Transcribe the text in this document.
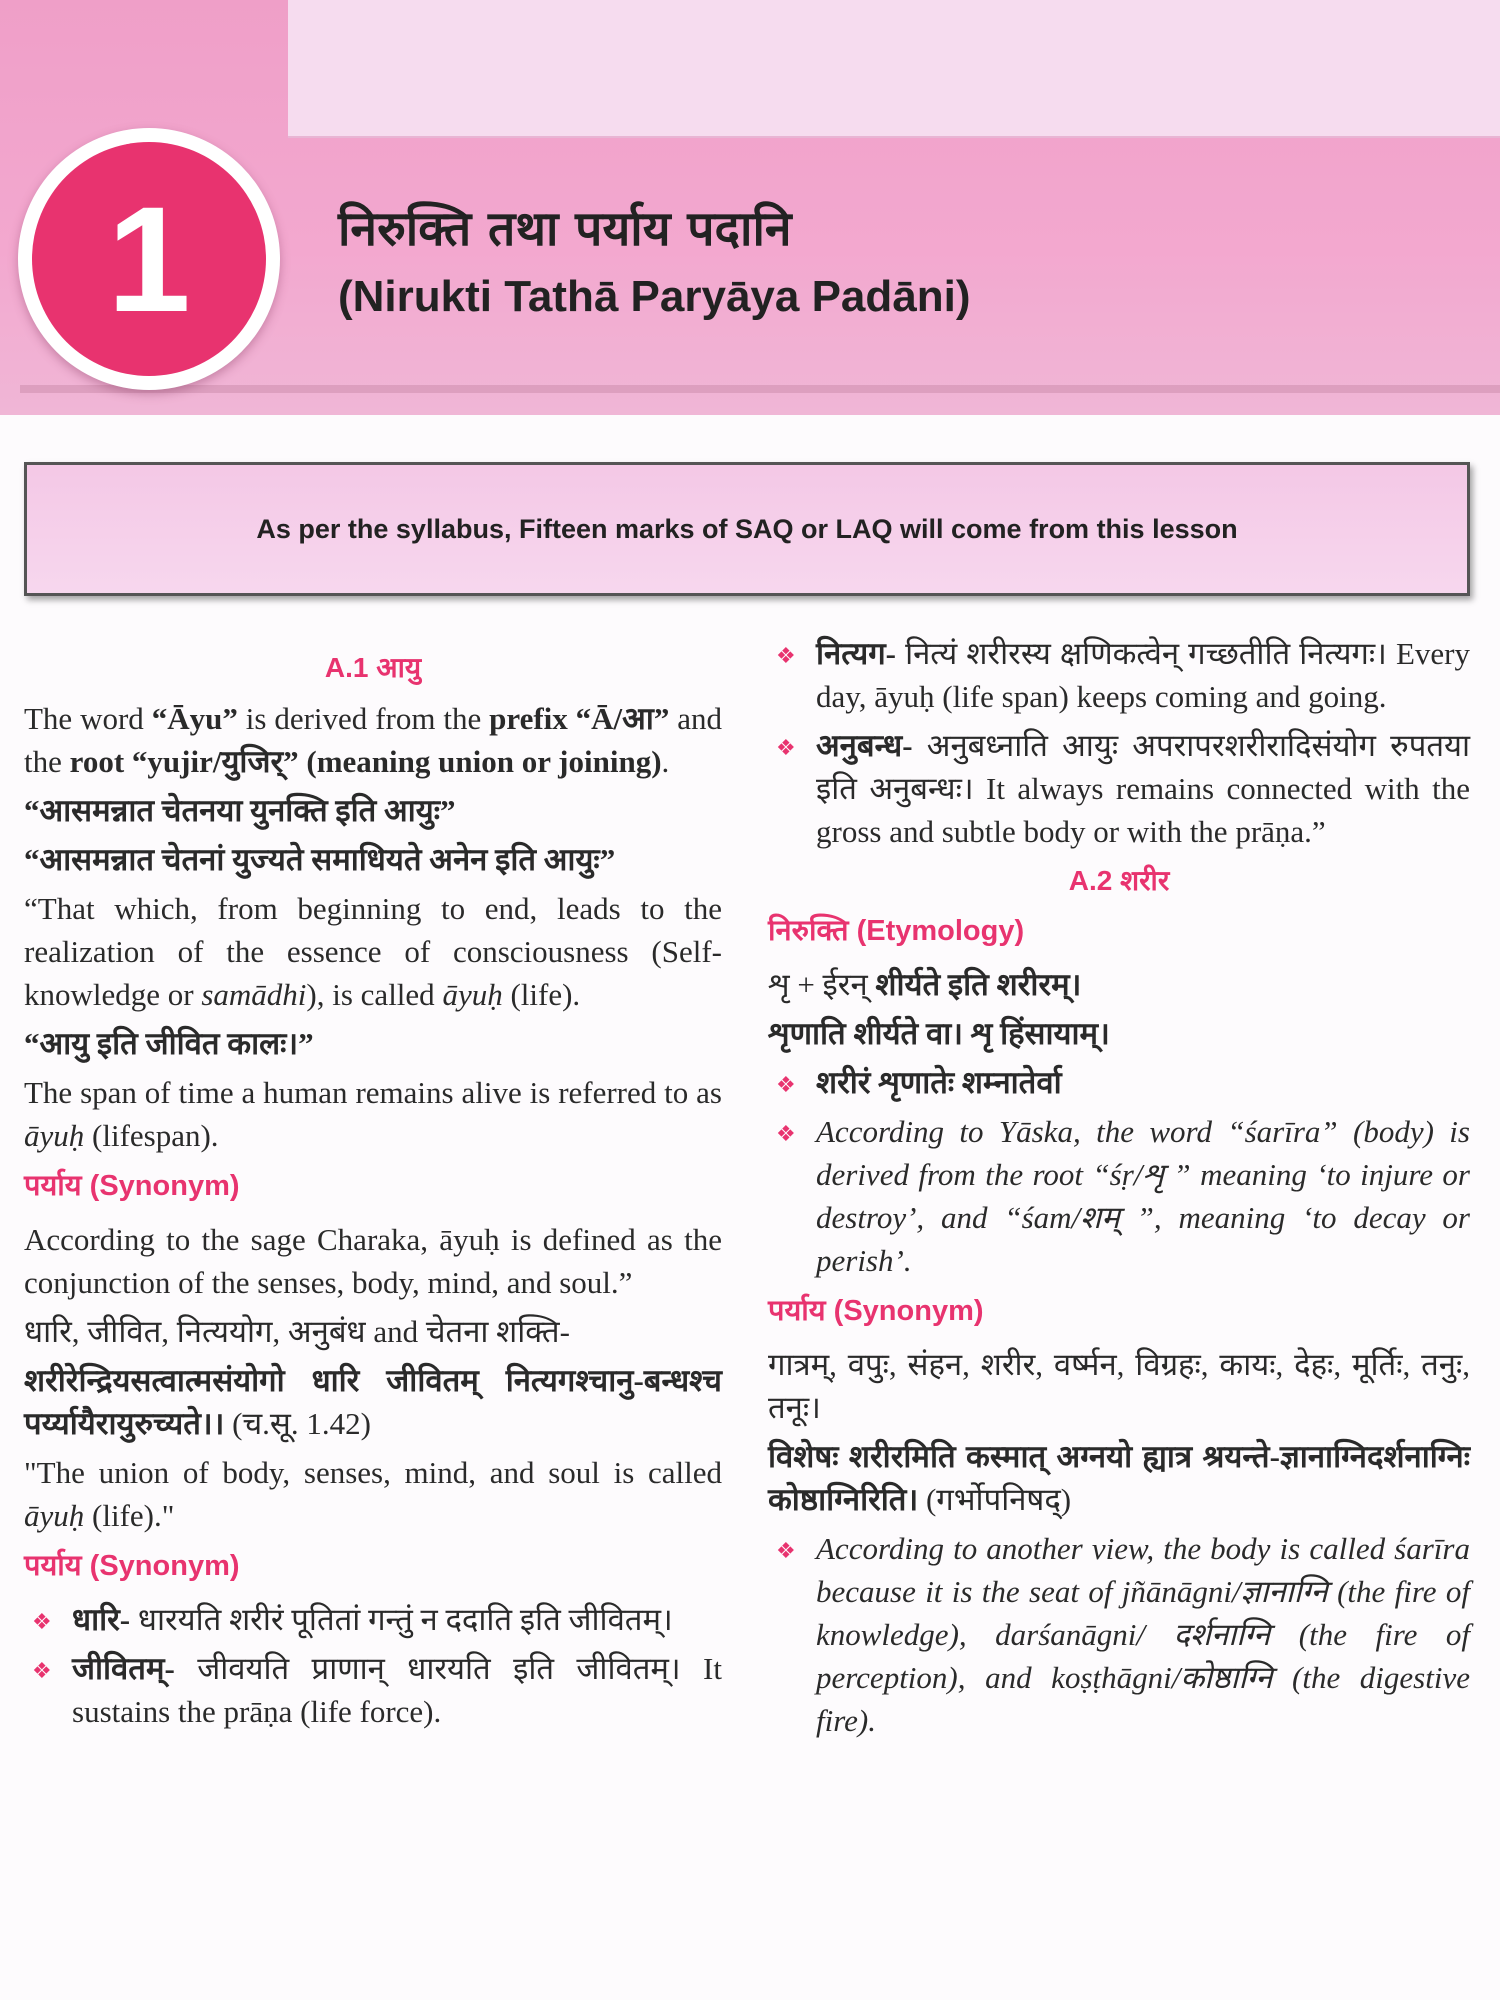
1	निरुक्ति तथा पर्याय पदानि
(Nirukti Tathā Paryāya Padāni)
As per the syllabus, Fifteen marks of SAQ or LAQ will come from this lesson
A.1 आयु
The word “Āyu” is derived from the prefix “Ā/आ” and the root “yujir/युजिर्” (meaning union or joining).
“आसमन्नात चेतनया युनक्ति इति आयुः”
“आसमन्नात चेतनां युज्यते समाधियते अनेन इति आयुः”
“That which, from beginning to end, leads to the realization of the essence of consciousness (Self-knowledge or samādhi), is called āyuḥ (life).
“आयु इति जीवित कालः।”
The span of time a human remains alive is referred to as āyuḥ (lifespan).
पर्याय (Synonym)
According to the sage Charaka, āyuḥ is defined as the conjunction of the senses, body, mind, and soul.”
धारि, जीवित, नित्ययोग, अनुबंध and चेतना शक्ति-
शरीरेन्द्रियसत्वात्मसंयोगो धारि जीवितम् नित्यगश्चानु-बन्धश्च पर्य्यायैरायुरुच्यते।। (च.सू. 1.42)
"The union of body, senses, mind, and soul is called āyuḥ (life)."
पर्याय (Synonym)
❖ धारि- धारयति शरीरं पूतितां गन्तुं न ददाति इति जीवितम्।
❖ जीवितम्- जीवयति प्राणान् धारयति इति जीवितम्। It sustains the prāṇa (life force).
❖ नित्यग- नित्यं शरीरस्य क्षणिकत्वेन् गच्छतीति नित्यगः। Every day, āyuḥ (life span) keeps coming and going.
❖ अनुबन्ध- अनुबध्नाति आयुः अपरापरशरीरादिसंयोग रुपतया इति अनुबन्धः। It always remains connected with the gross and subtle body or with the prāṇa.”
A.2 शरीर
निरुक्ति (Etymology)
शृ + ईरन् शीर्यते इति शरीरम्।
शृणाति शीर्यते वा। शृ हिंसायाम्।
❖ शरीरं शृणातेः शम्नातेर्वा
❖ According to Yāska, the word “śarīra” (body) is derived from the root “śṛ/शृ ” meaning ‘to injure or destroy’, and “śam/शम् ”, meaning ‘to decay or perish’.
पर्याय (Synonym)
गात्रम्, वपुः, संहन, शरीर, वर्ष्मन, विग्रहः, कायः, देहः, मूर्तिः, तनुः, तनूः।
विशेषः शरीरमिति कस्मात् अग्नयो ह्यात्र श्रयन्ते-ज्ञानाग्निदर्शनाग्निः कोष्ठाग्निरिति। (गर्भोपनिषद्)
❖ According to another view, the body is called śarīra because it is the seat of jñānāgni/ज्ञानाग्नि (the fire of knowledge), darśanāgni/ दर्शनाग्नि (the fire of perception), and koṣṭhāgni/कोष्ठाग्नि (the digestive fire).
